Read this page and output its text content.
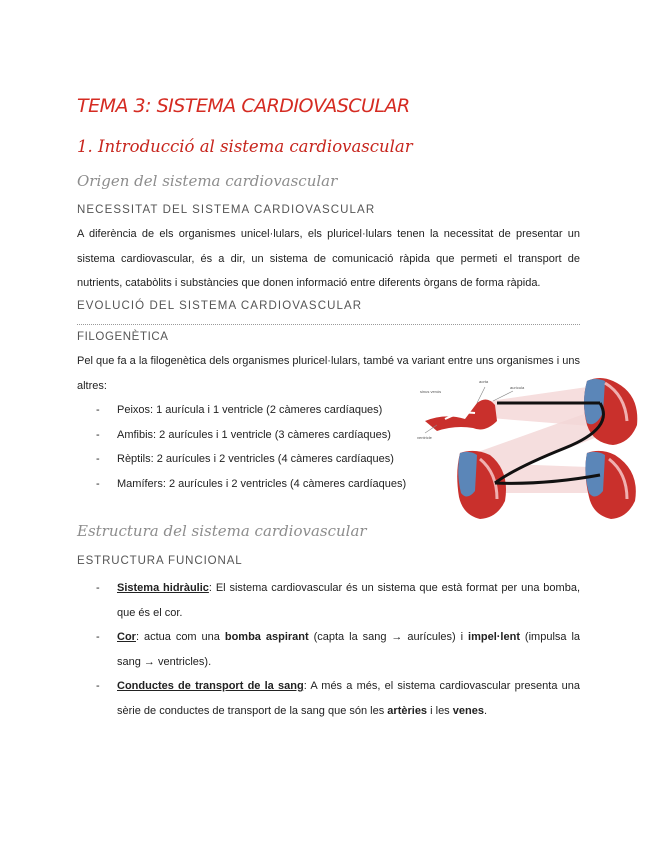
TEMA 3: SISTEMA CARDIOVASCULAR
1. Introducció al sistema cardiovascular
Origen del sistema cardiovascular
NECESSITAT DEL SISTEMA CARDIOVASCULAR
A diferència de els organismes unicel·lulars, els pluricel·lulars tenen la necessitat de presentar un sistema cardiovascular, és a dir, un sistema de comunicació ràpida que permeti el transport de nutrients, catabòlits i substàncies que donen informació entre diferents òrgans de forma ràpida.
EVOLUCIÓ DEL SISTEMA CARDIOVASCULAR
FILOGENÈTICA
Pel que fa a la filogenètica dels organismes pluricel·lulars, també va variant entre uns organismes i uns altres:
- Peixos: 1 aurícula i 1 ventricle (2 càmeres cardíaques)
- Amfibis: 2 aurícules i 1 ventricle (3 càmeres cardíaques)
- Rèptils: 2 aurícules i 2 ventricles (4 càmeres cardíaques)
- Mamífers: 2 aurícules i 2 ventricles (4 càmeres cardíaques)
sinus venós
aorta
aurícula
ventricle
Estructura del sistema cardiovascular
ESTRUCTURA FUNCIONAL
- Sistema hidràulic: El sistema cardiovascular és un sistema que està format per una bomba, que és el cor.
- Cor: actua com una bomba aspirant (capta la sang → aurícules) i impel·lent (impulsa la sang → ventricles).
- Conductes de transport de la sang: A més a més, el sistema cardiovascular presenta una sèrie de conductes de transport de la sang que són les artèries i les venes.
